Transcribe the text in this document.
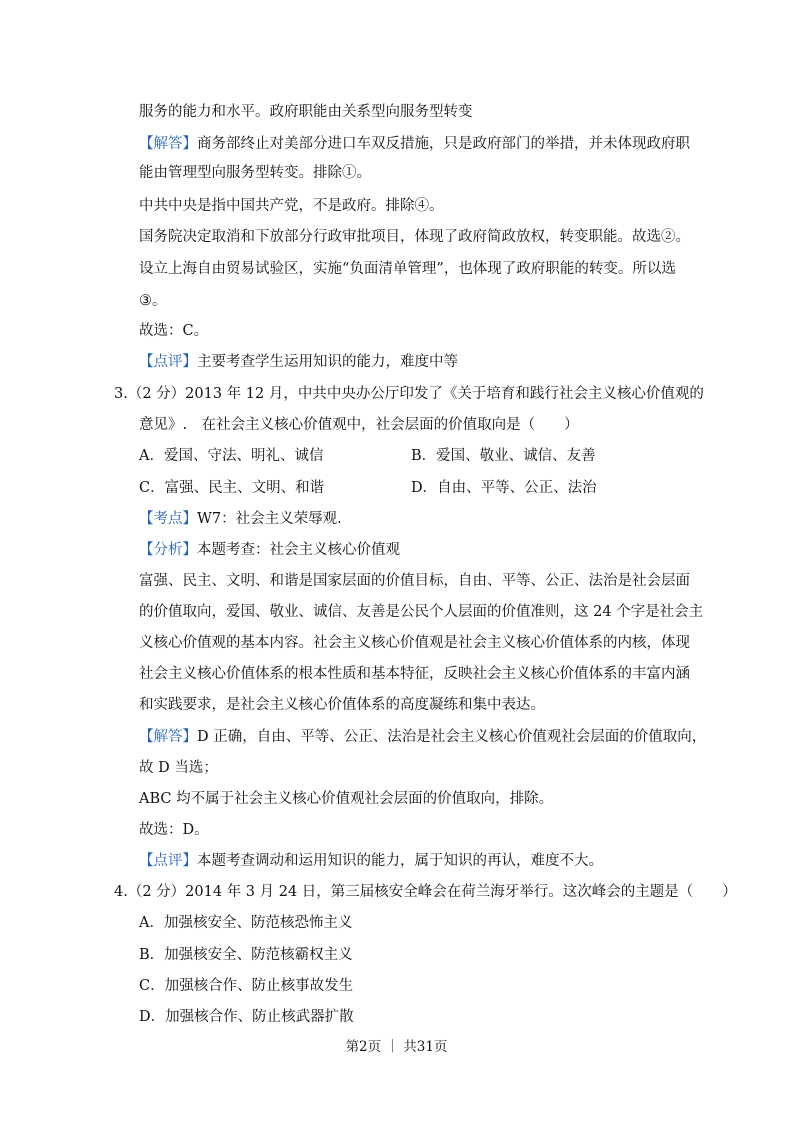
服务的能力和水平。政府职能由关系型向服务型转变
【解答】商务部终止对美部分进口车双反措施，只是政府部门的举措，并未体现政府职
能由管理型向服务型转变。排除①。
中共中央是指中国共产党，不是政府。排除④。
国务院决定取消和下放部分行政审批项目，体现了政府简政放权，转变职能。故选②。
设立上海自由贸易试验区，实施“负面清单管理”，也体现了政府职能的转变。所以选
③。
故选：C。
【点评】主要考查学生运用知识的能力，难度中等
3.（2 分）2013 年 12 月，中共中央办公厅印发了《关于培育和践行社会主义核心价值观的
意见》.　在社会主义核心价值观中，社会层面的价值取向是（　　）
A．爱国、守法、明礼、诚信	B．爱国、敬业、诚信、友善
C．富强、民主、文明、和谐	D．自由、平等、公正、法治
【考点】W7：社会主义荣辱观.
【分析】本题考查：社会主义核心价值观
富强、民主、文明、和谐是国家层面的价值目标，自由、平等、公正、法治是社会层面
的价值取向，爱国、敬业、诚信、友善是公民个人层面的价值准则，这 24 个字是社会主
义核心价值观的基本内容。社会主义核心价值观是社会主义核心价值体系的内核，体现
社会主义核心价值体系的根本性质和基本特征，反映社会主义核心价值体系的丰富内涵
和实践要求，是社会主义核心价值体系的高度凝练和集中表达。
【解答】D 正确，自由、平等、公正、法治是社会主义核心价值观社会层面的价值取向，
故 D 当选；
ABC 均不属于社会主义核心价值观社会层面的价值取向，排除。
故选：D。
【点评】本题考查调动和运用知识的能力，属于知识的再认，难度不大。
4.（2 分）2014 年 3 月 24 日，第三届核安全峰会在荷兰海牙举行。这次峰会的主题是（　　）
A．加强核安全、防范核恐怖主义
B．加强核安全、防范核霸权主义
C．加强核合作、防止核事故发生
D．加强核合作、防止核武器扩散
第2页 ｜ 共31页
